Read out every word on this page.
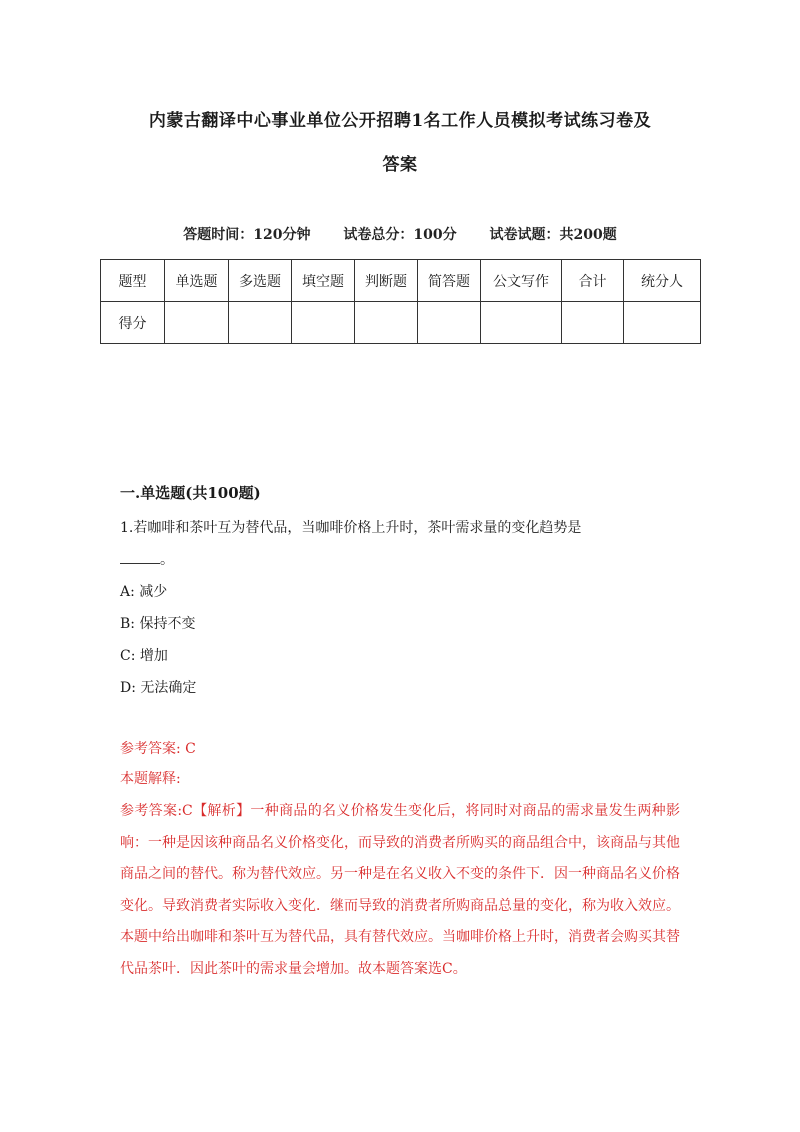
内蒙古翻译中心事业单位公开招聘1名工作人员模拟考试练习卷及
答案
答题时间：120分钟 试卷总分：100分 试卷试题：共200题
题型	单选题	多选题	填空题	判断题	简答题	公文写作	合计	统分人
得分								
一.单选题(共100题)
1.若咖啡和茶叶互为替代品，当咖啡价格上升时，茶叶需求量的变化趋势是
。
A: 减少
B: 保持不变
C: 增加
D: 无法确定
参考答案: C
本题解释:
参考答案:C【解析】一种商品的名义价格发生变化后，将同时对商品的需求量发生两种影响：一种是因该种商品名义价格变化，而导致的消费者所购买的商品组合中，该商品与其他商品之间的替代。称为替代效应。另一种是在名义收入不变的条件下．因一种商品名义价格变化。导致消费者实际收入变化．继而导致的消费者所购商品总量的变化，称为收入效应。本题中给出咖啡和茶叶互为替代品，具有替代效应。当咖啡价格上升时，消费者会购买其替代品茶叶．因此茶叶的需求量会增加。故本题答案选C。
